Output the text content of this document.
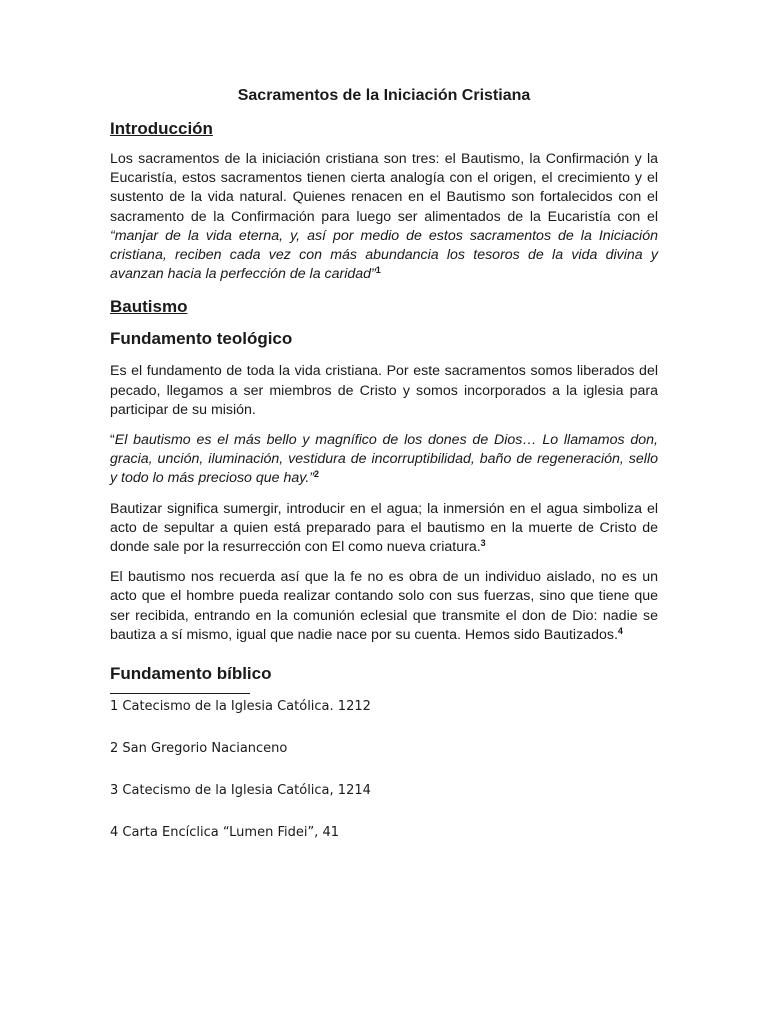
Sacramentos de la Iniciación Cristiana
Introducción

Los sacramentos de la iniciación cristiana son tres: el Bautismo, la Confirmación y la Eucaristía, estos sacramentos tienen cierta analogía con el origen, el crecimiento y el sustento de la vida natural. Quienes renacen en el Bautismo son fortalecidos con el sacramento de la Confirmación para luego ser alimentados de la Eucaristía con el “manjar de la vida eterna, y, así por medio de estos sacramentos de la Iniciación cristiana, reciben cada vez con más abundancia los tesoros de la vida divina y avanzan hacia la perfección de la caridad”$^1$

Bautismo
Fundamento teológico

Es el fundamento de toda la vida cristiana. Por este sacramentos somos liberados del pecado, llegamos a ser miembros de Cristo y somos incorporados a la iglesia para participar de su misión.

“El bautismo es el más bello y magnífico de los dones de Dios… Lo llamamos don, gracia, unción, iluminación, vestidura de incorruptibilidad, baño de regeneración, sello y todo lo más precioso que hay.”$^2$

Bautizar significa sumergir, introducir en el agua; la inmersión en el agua simboliza el acto de sepultar a quien está preparado para el bautismo en la muerte de Cristo de donde sale por la resurrección con El como nueva criatura.$^3$

El bautismo nos recuerda así que la fe no es obra de un individuo aislado, no es un acto que el hombre pueda realizar contando solo con sus fuerzas, sino que tiene que ser recibida, entrando en la comunión eclesial que transmite el don de Dio: nadie se bautiza a sí mismo, igual que nadie nace por su cuenta. Hemos sido Bautizados.$^4$

Fundamento bíblico
1 Catecismo de la Iglesia Católica. 1212
2 San Gregorio Nacianceno
3 Catecismo de la Iglesia Católica, 1214
4 Carta Encíclica “Lumen Fidei”, 41
